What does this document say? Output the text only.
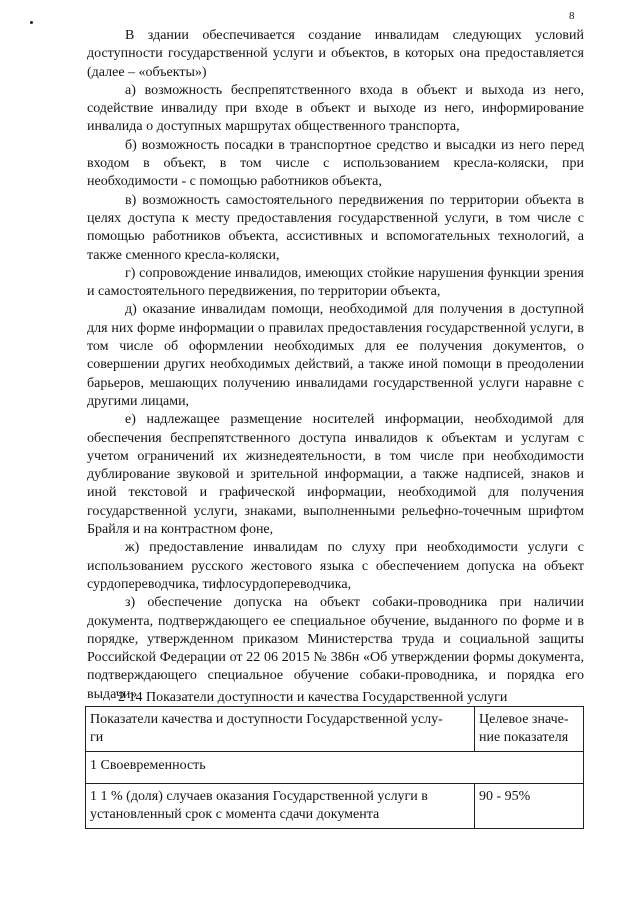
8

В здании обеспечивается создание инвалидам следующих условий доступности государственной услуги и объектов, в которых она предоставляется (далее – «объекты»)

а) возможность беспрепятственного входа в объект и выхода из него, содействие инвалиду при входе в объект и выходе из него, информирование инвалида о доступных маршрутах общественного транспорта,

б) возможность посадки в транспортное средство и высадки из него перед входом в объект, в том числе с использованием кресла-коляски, при необходимости - с помощью работников объекта,

в) возможность самостоятельного передвижения по территории объекта в целях доступа к месту предоставления государственной услуги, в том числе с помощью работников объекта, ассистивных и вспомогательных технологий, а также сменного кресла-коляски,

г) сопровождение инвалидов, имеющих стойкие нарушения функции зрения и самостоятельного передвижения, по территории объекта,

д) оказание инвалидам помощи, необходимой для получения в доступной для них форме информации о правилах предоставления государственной услуги, в том числе об оформлении необходимых для ее получения документов, о совершении других необходимых действий, а также иной помощи в преодолении барьеров, мешающих получению инвалидами государственной услуги наравне с другими лицами,

е) надлежащее размещение носителей информации, необходимой для обеспечения беспрепятственного доступа инвалидов к объектам и услугам с учетом ограничений их жизнедеятельности, в том числе при необходимости дублирование звуковой и зрительной информации, а также надписей, знаков и иной текстовой и графической информации, необходимой для получения государственной услуги, знаками, выполненными рельефно-точечным шрифтом Брайля и на контрастном фоне,

ж) предоставление инвалидам по слуху при необходимости услуги с использованием русского жестового языка с обеспечением допуска на объект сурдопереводчика, тифлосурдопереводчика,

з) обеспечение допуска на объект собаки-проводника при наличии документа, подтверждающего ее специальное обучение, выданного по форме и в порядке, утвержденном приказом Министерства труда и социальной защиты Российской Федерации от 22 06 2015 № 386н «Об утверждении формы документа, подтверждающего специальное обучение собаки-проводника, и порядка его выдачи»

2 14 Показатели доступности и качества Государственной услуги
Показатели качества и доступности Государственной услу-
ги	Целевое значе-
ние показателя

1 Своевременность	
1 1 % (доля) случаев оказания Государственной услуги в установленный срок с момента сдачи документа	90 - 95%
